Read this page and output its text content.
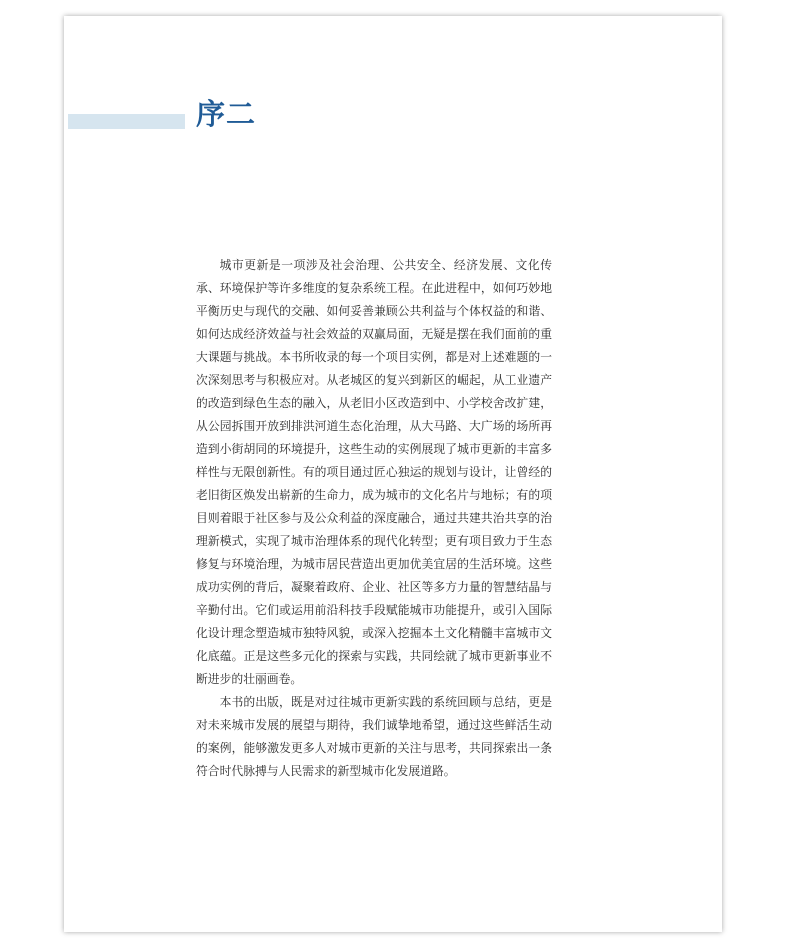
序二

城市更新是一项涉及社会治理、公共安全、经济发展、文化传承、环境保护等许多维度的复杂系统工程。在此进程中，如何巧妙地平衡历史与现代的交融、如何妥善兼顾公共利益与个体权益的和谐、如何达成经济效益与社会效益的双赢局面，无疑是摆在我们面前的重大课题与挑战。本书所收录的每一个项目实例，都是对上述难题的一次深刻思考与积极应对。从老城区的复兴到新区的崛起，从工业遗产的改造到绿色生态的融入，从老旧小区改造到中、小学校舍改扩建，从公园拆围开放到排洪河道生态化治理，从大马路、大广场的场所再造到小街胡同的环境提升，这些生动的实例展现了城市更新的丰富多样性与无限创新性。有的项目通过匠心独运的规划与设计，让曾经的老旧街区焕发出崭新的生命力，成为城市的文化名片与地标；有的项目则着眼于社区参与及公众利益的深度融合，通过共建共治共享的治理新模式，实现了城市治理体系的现代化转型；更有项目致力于生态修复与环境治理，为城市居民营造出更加优美宜居的生活环境。这些成功实例的背后，凝聚着政府、企业、社区等多方力量的智慧结晶与辛勤付出。它们或运用前沿科技手段赋能城市功能提升，或引入国际化设计理念塑造城市独特风貌，或深入挖掘本土文化精髓丰富城市文化底蕴。正是这些多元化的探索与实践，共同绘就了城市更新事业不断进步的壮丽画卷。

本书的出版，既是对过往城市更新实践的系统回顾与总结，更是对未来城市发展的展望与期待，我们诚挚地希望，通过这些鲜活生动的案例，能够激发更多人对城市更新的关注与思考，共同探索出一条符合时代脉搏与人民需求的新型城市化发展道路。
